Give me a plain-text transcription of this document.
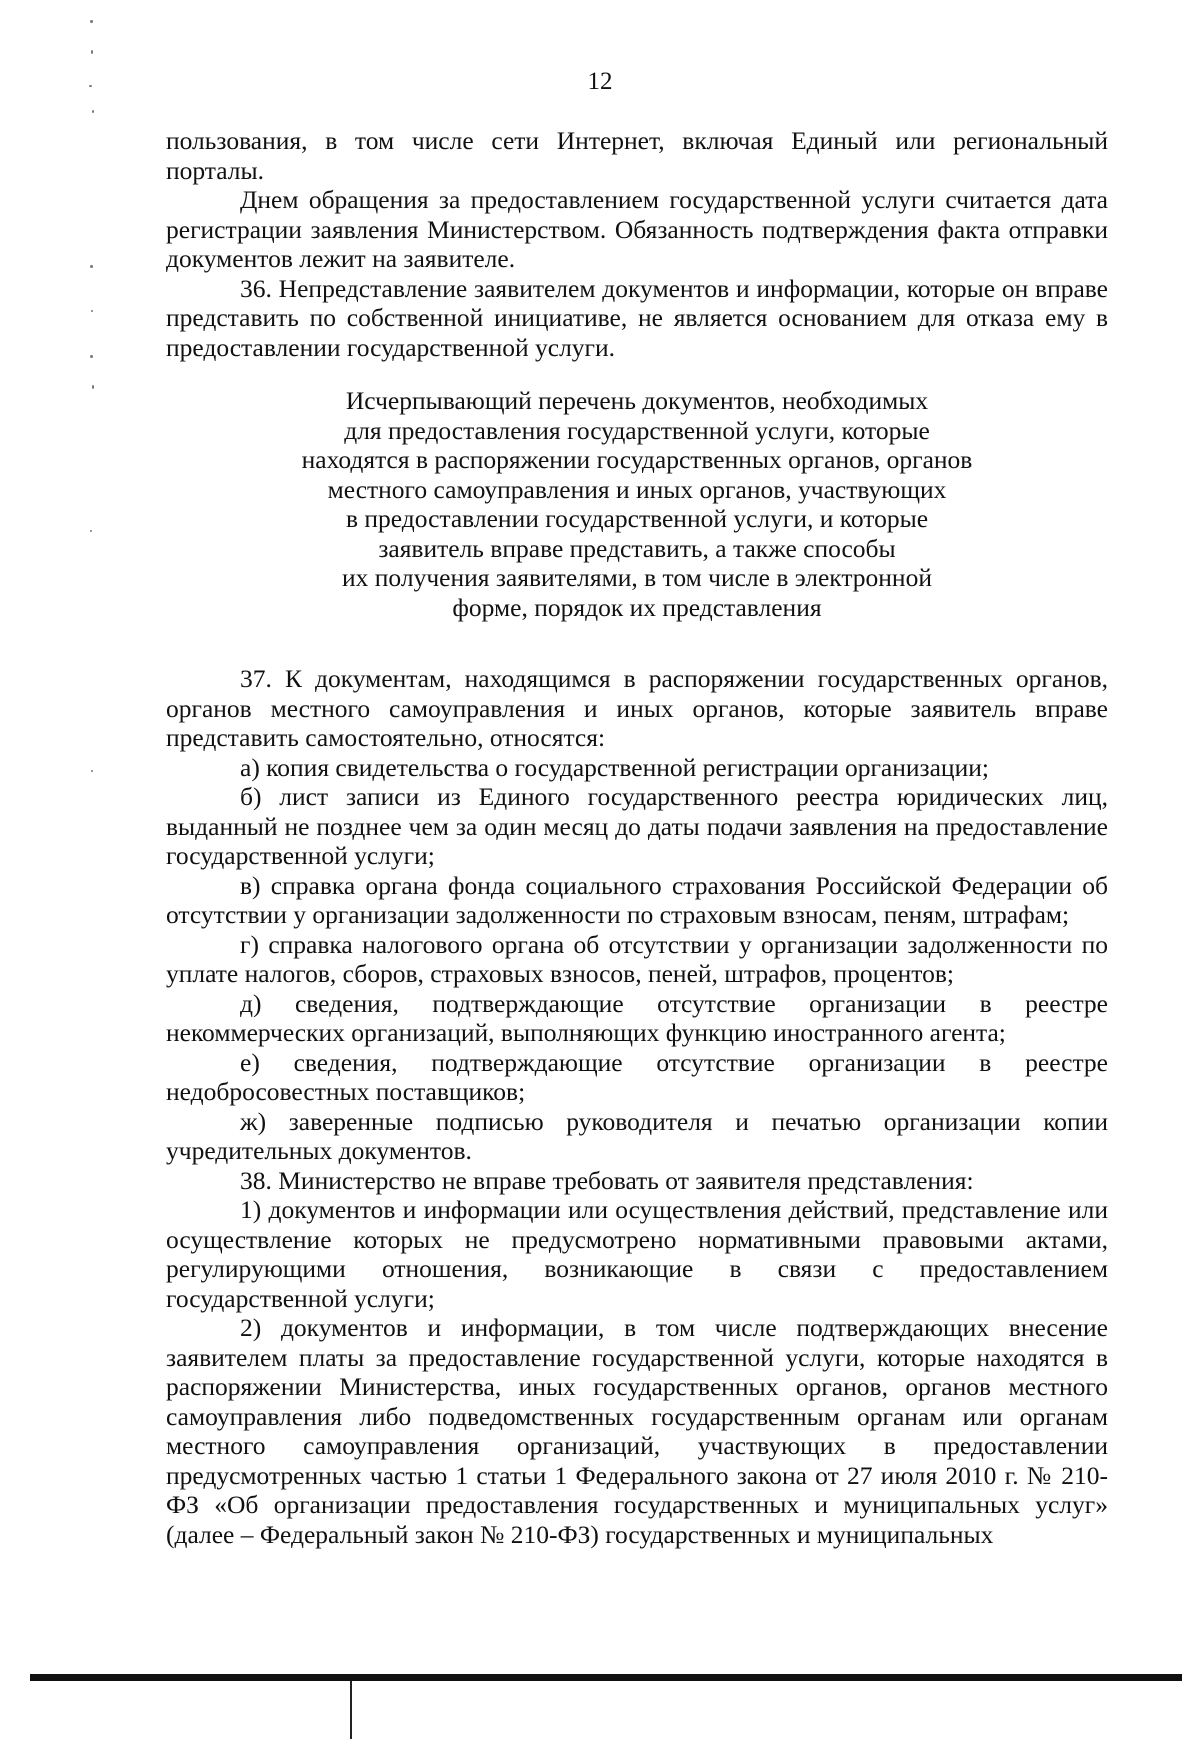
12

пользования, в том числе сети Интернет, включая Единый или региональный порталы.

Днем обращения за предоставлением государственной услуги считается дата регистрации заявления Министерством. Обязанность подтверждения факта отправки документов лежит на заявителе.

36. Непредставление заявителем документов и информации, которые он вправе представить по собственной инициативе, не является основанием для отказа ему в предоставлении государственной услуги.

Исчерпывающий перечень документов, необходимых
для предоставления государственной услуги, которые
находятся в распоряжении государственных органов, органов
местного самоуправления и иных органов, участвующих
в предоставлении государственной услуги, и которые
заявитель вправе представить, а также способы
их получения заявителями, в том числе в электронной
форме, порядок их представления

37. К документам, находящимся в распоряжении государственных органов, органов местного самоуправления и иных органов, которые заявитель вправе представить самостоятельно, относятся:

а) копия свидетельства о государственной регистрации организации;

б) лист записи из Единого государственного реестра юридических лиц, выданный не позднее чем за один месяц до даты подачи заявления на предоставление государственной услуги;

в) справка органа фонда социального страхования Российской Федерации об отсутствии у организации задолженности по страховым взносам, пеням, штрафам;

г) справка налогового органа об отсутствии у организации задолженности по уплате налогов, сборов, страховых взносов, пеней, штрафов, процентов;

д) сведения, подтверждающие отсутствие организации в реестре некоммерческих организаций, выполняющих функцию иностранного агента;

е) сведения, подтверждающие отсутствие организации в реестре недобросовестных поставщиков;

ж) заверенные подписью руководителя и печатью организации копии учредительных документов.

38. Министерство не вправе требовать от заявителя представления:

1) документов и информации или осуществления действий, представление или осуществление которых не предусмотрено нормативными правовыми актами, регулирующими отношения, возникающие в связи с предоставлением государственной услуги;

2) документов и информации, в том числе подтверждающих внесение заявителем платы за предоставление государственной услуги, которые находятся в распоряжении Министерства, иных государственных органов, органов местного самоуправления либо подведомственных государственным органам или органам местного самоуправления организаций, участвующих в предоставлении предусмотренных частью 1 статьи 1 Федерального закона от 27 июля 2010 г. № 210-ФЗ «Об организации предоставления государственных и муниципальных услуг» (далее – Федеральный закон № 210-ФЗ) государственных и муниципальных
